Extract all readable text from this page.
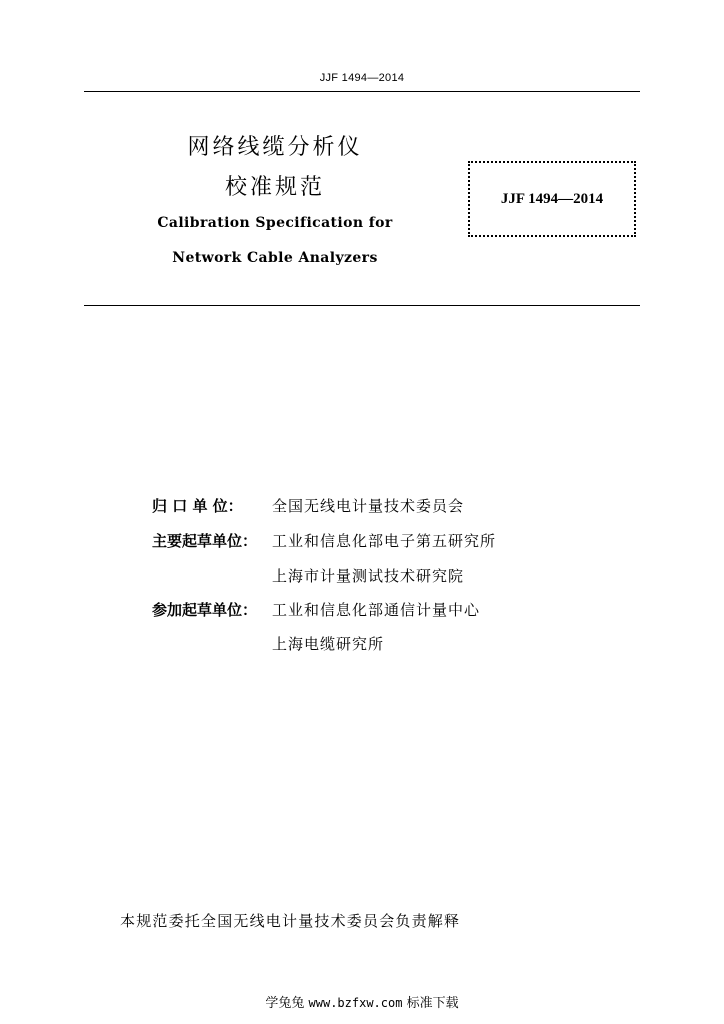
JJF 1494—2014
网络线缆分析仪
校准规范
Calibration Specification for
Network Cable Analyzers
JJF 1494—2014
归 口 单 位：	全国无线电计量技术委员会
主要起草单位： 工业和信息化部电子第五研究所
上海市计量测试技术研究院
参加起草单位： 工业和信息化部通信计量中心
上海电缆研究所
本规范委托全国无线电计量技术委员会负责解释
学兔兔 www.bzfxw.com 标准下载
